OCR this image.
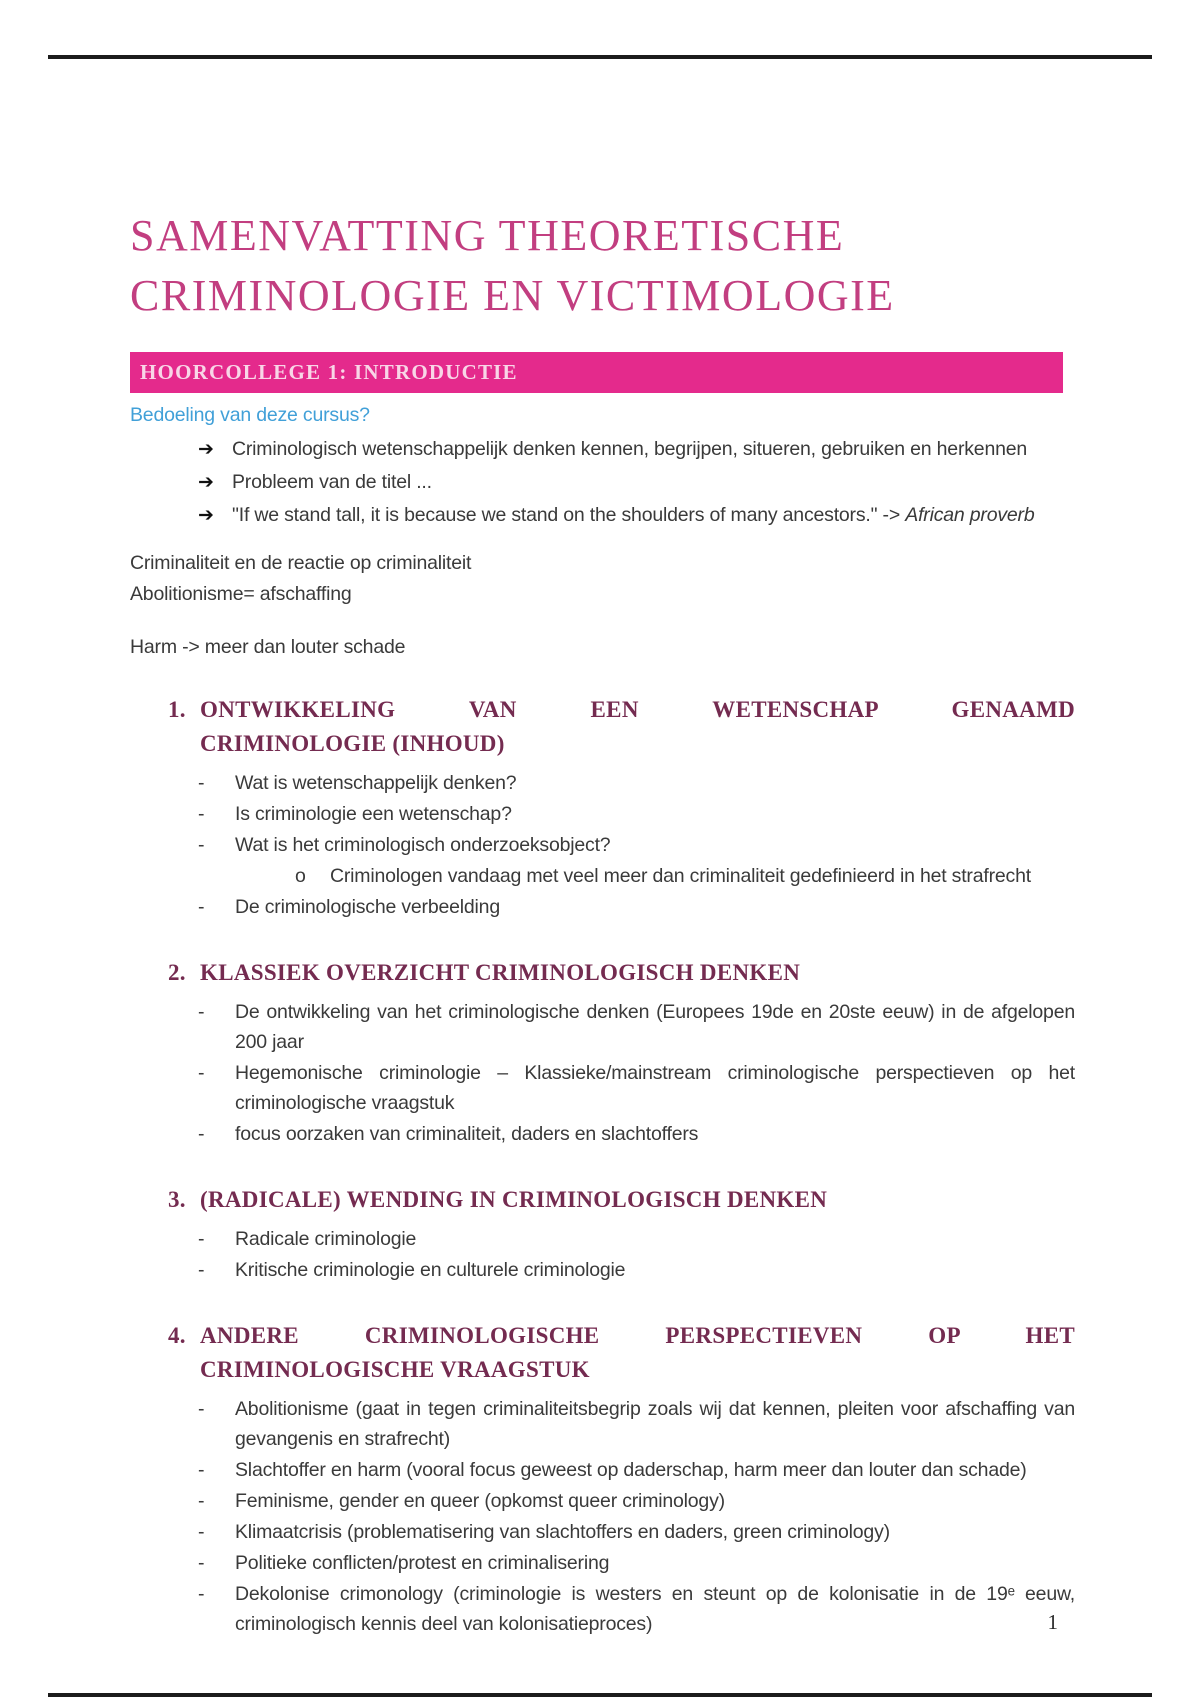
SAMENVATTING THEORETISCHE
CRIMINOLOGIE EN VICTIMOLOGIE
HOORCOLLEGE 1: INTRODUCTIE
Bedoeling van deze cursus?
➔ Criminologisch wetenschappelijk denken kennen, begrijpen, situeren, gebruiken en herkennen
➔ Probleem van de titel ...
➔ "If we stand tall, it is because we stand on the shoulders of many ancestors." -> African proverb
Criminaliteit en de reactie op criminaliteit
Abolitionisme= afschaffing
Harm -> meer dan louter schade
1. ONTWIKKELING VAN EEN WETENSCHAP GENAAMD
CRIMINOLOGIE (INHOUD)
-	Wat is wetenschappelijk denken?
-	Is criminologie een wetenschap?
-	Wat is het criminologisch onderzoeksobject?
o	Criminologen vandaag met veel meer dan criminaliteit gedefinieerd in het strafrecht
-	De criminologische verbeelding
2. KLASSIEK OVERZICHT CRIMINOLOGISCH DENKEN
-	De ontwikkeling van het criminologische denken (Europees 19de en 20ste eeuw) in de afgelopen 200 jaar
-	Hegemonische criminologie – Klassieke/mainstream criminologische perspectieven op het criminologische vraagstuk
-	focus oorzaken van criminaliteit, daders en slachtoffers
3. (RADICALE) WENDING IN CRIMINOLOGISCH DENKEN
-	Radicale criminologie
-	Kritische criminologie en culturele criminologie
4. ANDERE CRIMINOLOGISCHE PERSPECTIEVEN OP HET
CRIMINOLOGISCHE VRAAGSTUK
-	Abolitionisme (gaat in tegen criminaliteitsbegrip zoals wij dat kennen, pleiten voor afschaffing van gevangenis en strafrecht)
-	Slachtoffer en harm (vooral focus geweest op daderschap, harm meer dan louter dan schade)
-	Feminisme, gender en queer (opkomst queer criminology)
-	Klimaatcrisis (problematisering van slachtoffers en daders, green criminology)
-	Politieke conflicten/protest en criminalisering
-	Dekolonise crimonology (criminologie is westers en steunt op de kolonisatie in de 19ᵉ eeuw, criminologisch kennis deel van kolonisatieproces)	1
